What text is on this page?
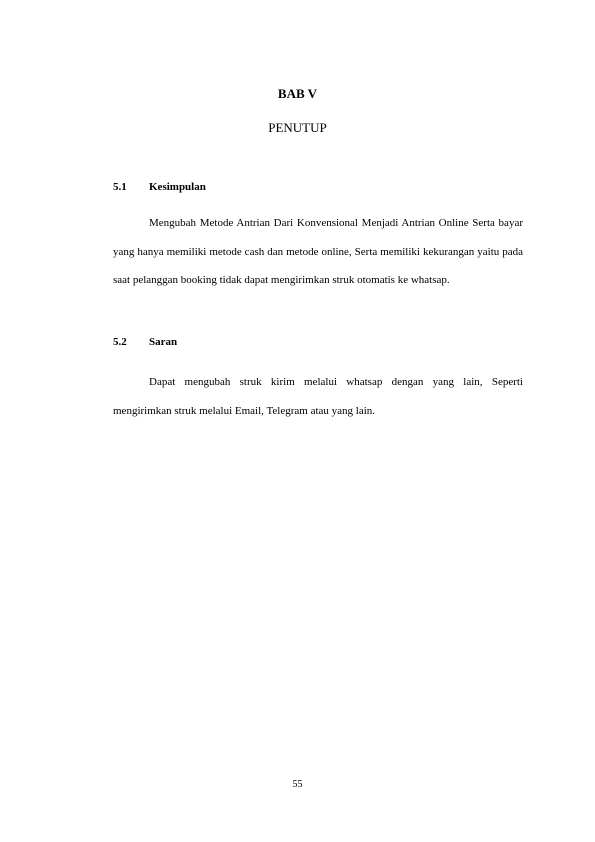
BAB V
PENUTUP
5.1 Kesimpulan

Mengubah Metode Antrian Dari Konvensional Menjadi Antrian Online Serta bayar yang hanya memiliki metode cash dan metode online, Serta memiliki kekurangan yaitu pada saat pelanggan booking tidak dapat mengirimkan struk otomatis ke whatsap.

5.2 Saran

Dapat mengubah struk kirim melalui whatsap dengan yang lain, Seperti mengirimkan struk melalui Email, Telegram atau yang lain.

55
